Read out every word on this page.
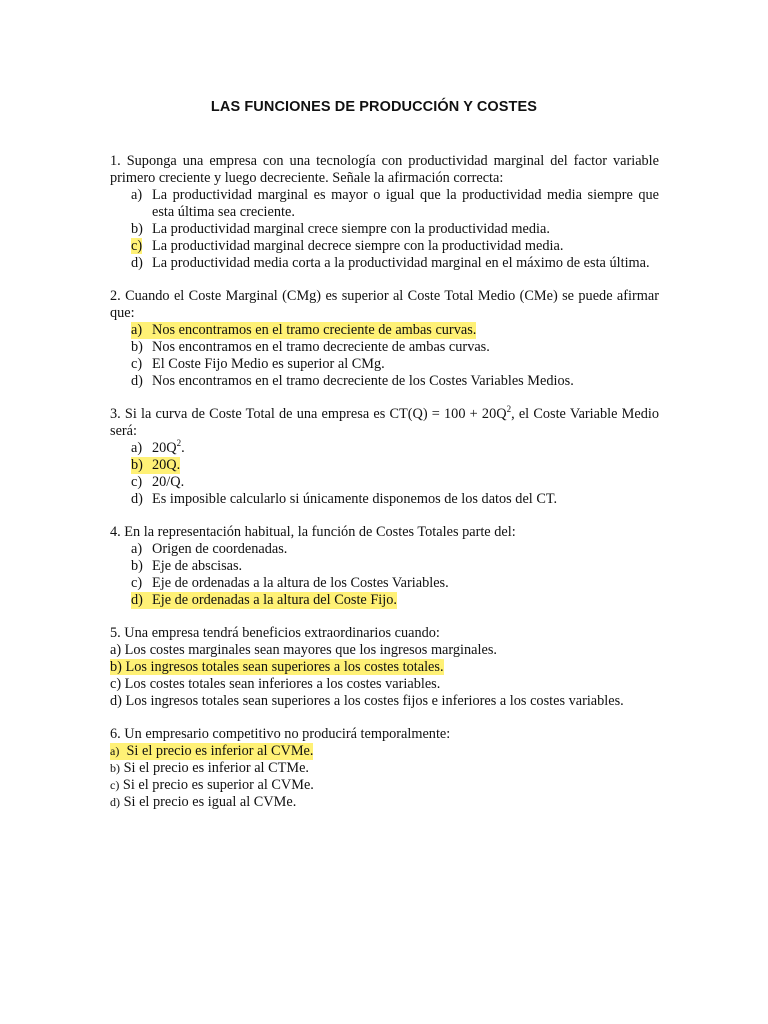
LAS FUNCIONES DE PRODUCCIÓN Y COSTES
1. Suponga una empresa con una tecnología con productividad marginal del factor variable primero creciente y luego decreciente. Señale la afirmación correcta:
a) La productividad marginal es mayor o igual que la productividad media siempre que esta última sea creciente.
b) La productividad marginal crece siempre con la productividad media.
c) La productividad marginal decrece siempre con la productividad media.
d) La productividad media corta a la productividad marginal en el máximo de esta última.
2. Cuando el Coste Marginal (CMg) es superior al Coste Total Medio (CMe) se puede afirmar que:
a) Nos encontramos en el tramo creciente de ambas curvas.
b) Nos encontramos en el tramo decreciente de ambas curvas.
c) El Coste Fijo Medio es superior al CMg.
d) Nos encontramos en el tramo decreciente de los Costes Variables Medios.
3. Si la curva de Coste Total de una empresa es $CT(Q) = 100 + 20Q^2$, el Coste Variable Medio será:
a) $20Q^2$.
b) 20Q.
c) 20/Q.
d) Es imposible calcularlo si únicamente disponemos de los datos del CT.
4. En la representación habitual, la función de Costes Totales parte del:
a) Origen de coordenadas.
b) Eje de abscisas.
c) Eje de ordenadas a la altura de los Costes Variables.
d) Eje de ordenadas a la altura del Coste Fijo.
5. Una empresa tendrá beneficios extraordinarios cuando:
a) Los costes marginales sean mayores que los ingresos marginales.
b) Los ingresos totales sean superiores a los costes totales.
c) Los costes totales sean inferiores a los costes variables.
d) Los ingresos totales sean superiores a los costes fijos e inferiores a los costes variables.
6. Un empresario competitivo no producirá temporalmente:
a) Si el precio es inferior al CVMe.
b)
Si el precio es inferior al CTMe.
c)
Si el precio es superior al CVMe.
d)
Si el precio es igual al CVMe.
